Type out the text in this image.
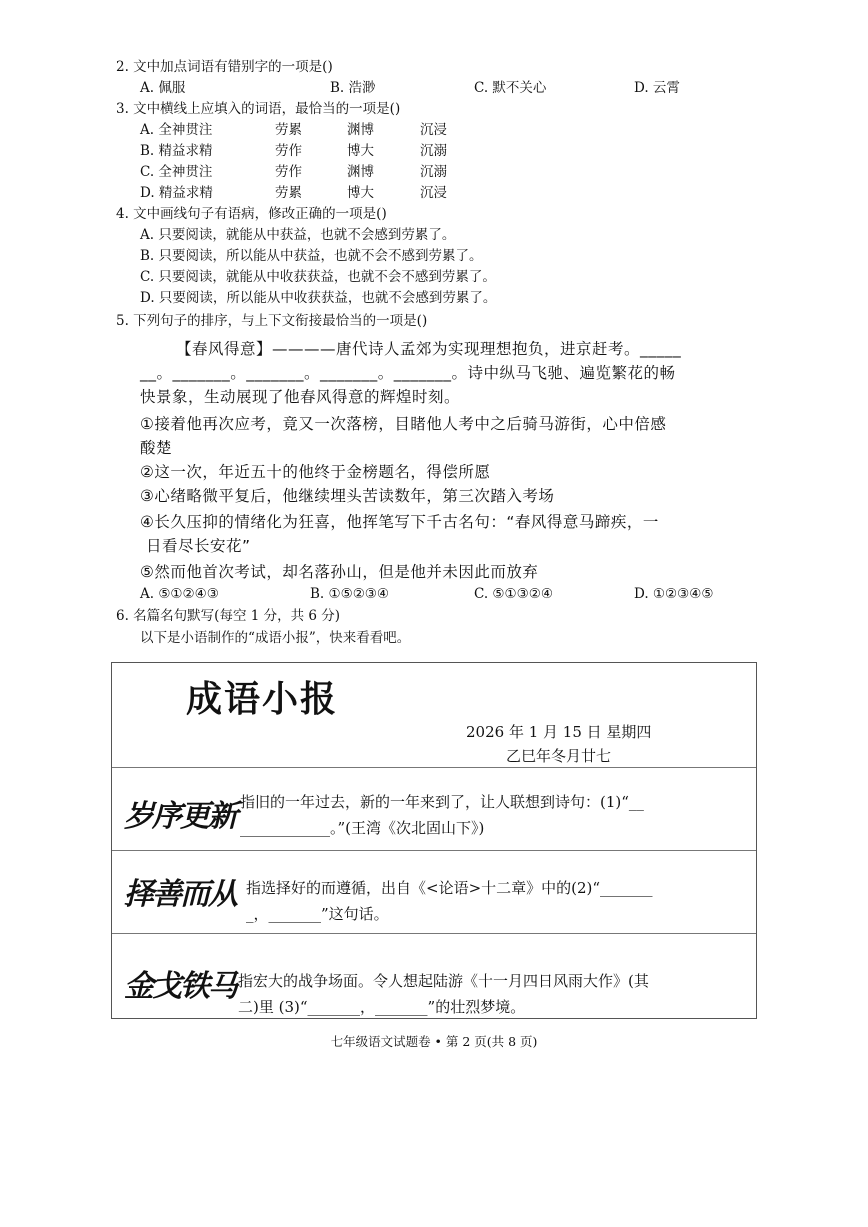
2. 文中加点词语有错别字的一项是()
A. 佩服	B. 浩渺	C. 默不关心	D. 云霄
3. 文中横线上应填入的词语，最恰当的一项是()
A. 全神贯注	劳累	渊博	沉浸
B. 精益求精	劳作	博大	沉溺
C. 全神贯注	劳作	渊博	沉溺
D. 精益求精	劳累	博大	沉浸
4. 文中画线句子有语病，修改正确的一项是()
A. 只要阅读，就能从中获益，也就不会感到劳累了。
B. 只要阅读，所以能从中获益，也就不会不感到劳累了。
C. 只要阅读，就能从中收获获益，也就不会不感到劳累了。
D. 只要阅读，所以能从中收获获益，也就不会感到劳累了。
5. 下列句子的排序，与上下文衔接最恰当的一项是()
【春风得意】————唐代诗人孟郊为实现理想抱负，进京赶考。_____
__。_______。_______。_______。_______。诗中纵马飞驰、遍览繁花的畅
快景象，生动展现了他春风得意的辉煌时刻。
①接着他再次应考，竟又一次落榜，目睹他人考中之后骑马游街，心中倍感
酸楚
②这一次，年近五十的他终于金榜题名，得偿所愿
③心绪略微平复后，他继续埋头苦读数年，第三次踏入考场
④长久压抑的情绪化为狂喜，他挥笔写下千古名句：“春风得意马蹄疾，一
日看尽长安花”
⑤然而他首次考试，却名落孙山，但是他并未因此而放弃
A. ⑤①②④③	B. ①⑤②③④	C. ⑤①③②④	D. ①②③④⑤
6. 名篇名句默写(每空 1 分，共 6 分)
以下是小语制作的“成语小报”，快来看看吧。
成语小报
2026 年 1 月 15 日 星期四
乙巳年冬月廿七
岁序更新 指旧的一年过去，新的一年来到了，让人联想到诗句：(1)“__
____________。”(王湾《次北固山下》)
择善而从 指选择好的而遵循，出自《<论语>十二章》中的(2)“_______
_，_______”这句话。
金戈铁马 指宏大的战争场面。令人想起陆游《十一月四日风雨大作》(其
二)里 (3)“_______，_______”的壮烈梦境。
七年级语文试题卷 • 第 2 页(共 8 页)
